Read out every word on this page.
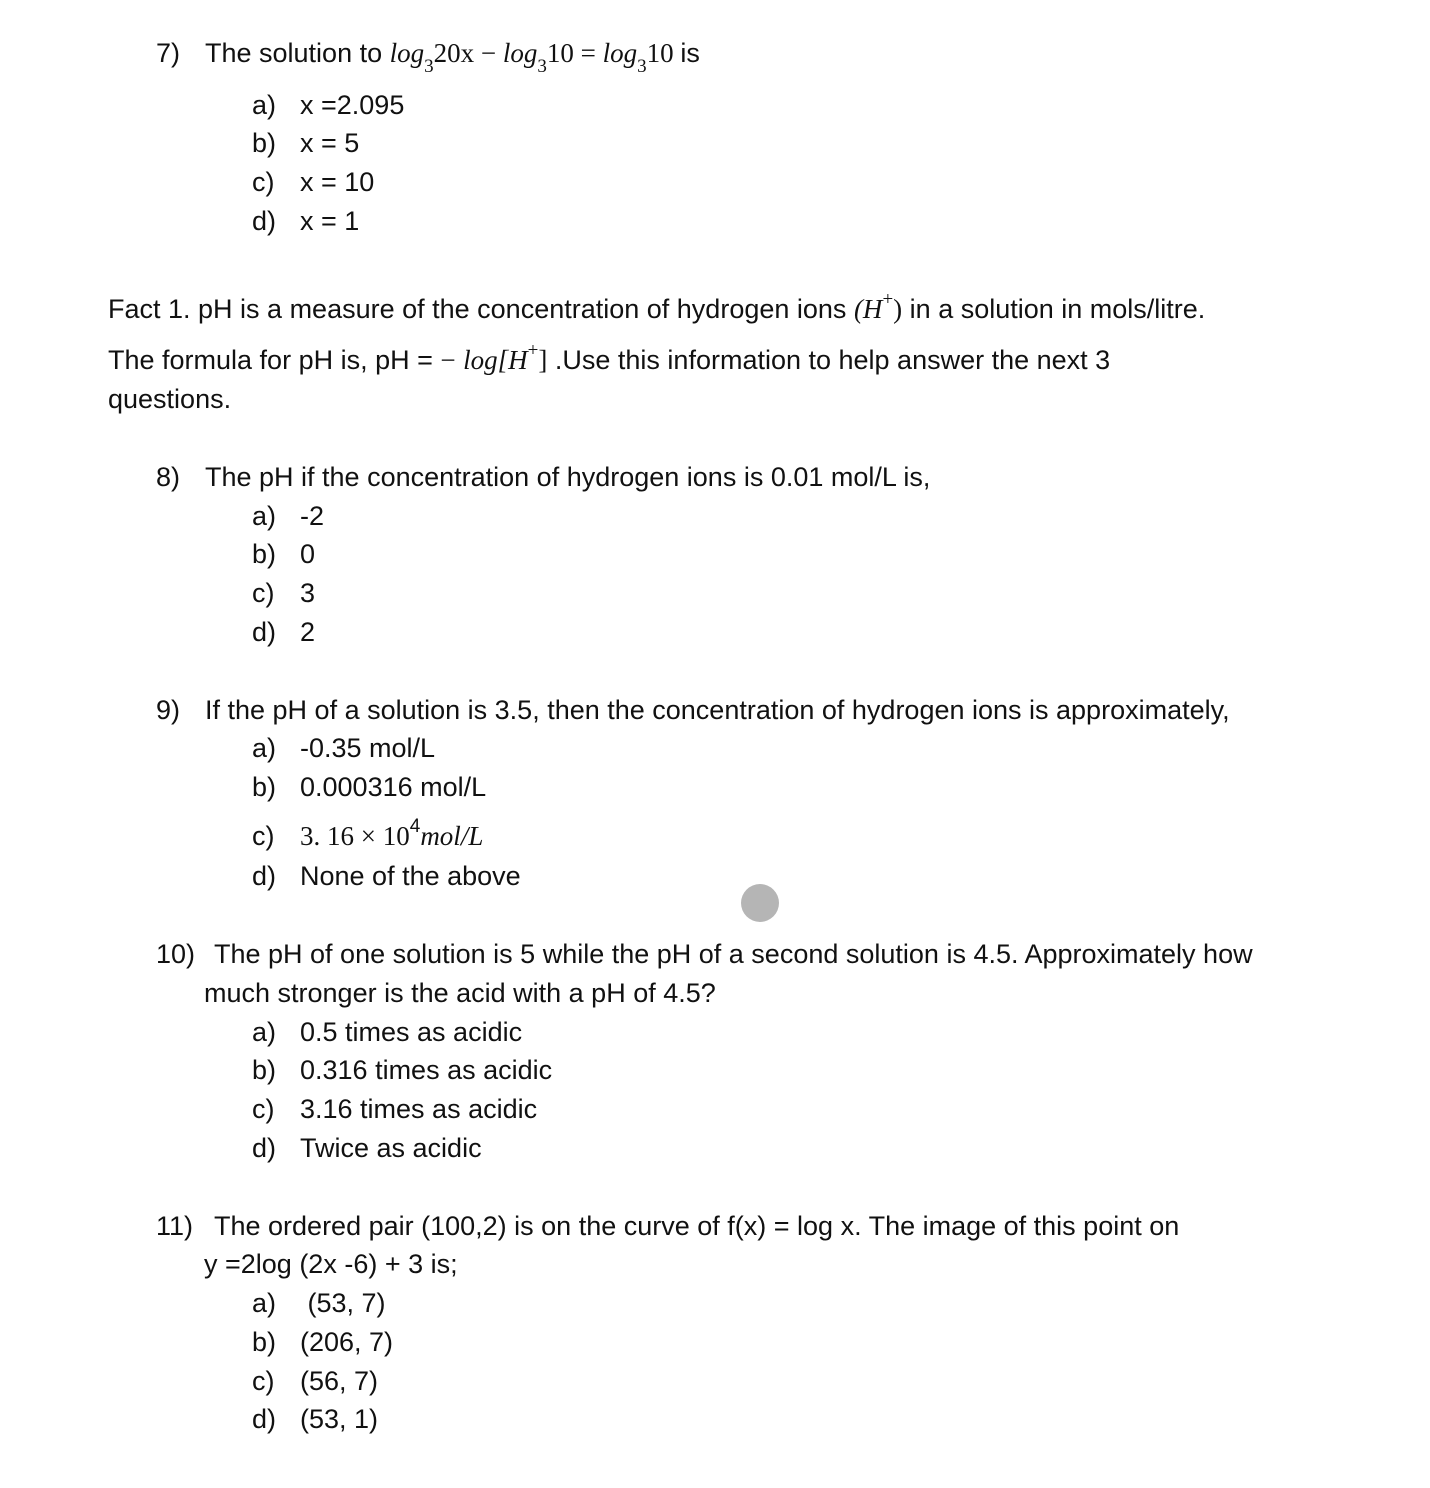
7) The solution to $\log_320x - \log_310 = \log_310$ is
a) x =2.095
b) x = 5
c) x = 10
d) x = 1
Fact 1. pH is a measure of the concentration of hydrogen ions (H+) in a solution in mols/litre.
The formula for pH is, pH = − log[H+] .Use this information to help answer the next 3
questions.
8) The pH if the concentration of hydrogen ions is 0.01 mol/L is,
a) -2
b) 0
c) 3
d) 2
9) If the pH of a solution is 3.5, then the concentration of hydrogen ions is approximately,
a) -0.35 mol/L
b) 0.000316 mol/L
c) 3. $16 \times 10^4mol/L$
d) None of the above
10) The pH of one solution is 5 while the pH of a second solution is 4.5. Approximately how
much stronger is the acid with a pH of 4.5?
a) 0.5 times as acidic
b) 0.316 times as acidic
c) 3.16 times as acidic
d) Twice as acidic
11) The ordered pair (100,2) is on the curve of f(x) = log x. The image of this point on
y =2log (2x -6) + 3 is;
a) (53, 7)
b) (206, 7)
c) (56, 7)
d) (53, 1)
